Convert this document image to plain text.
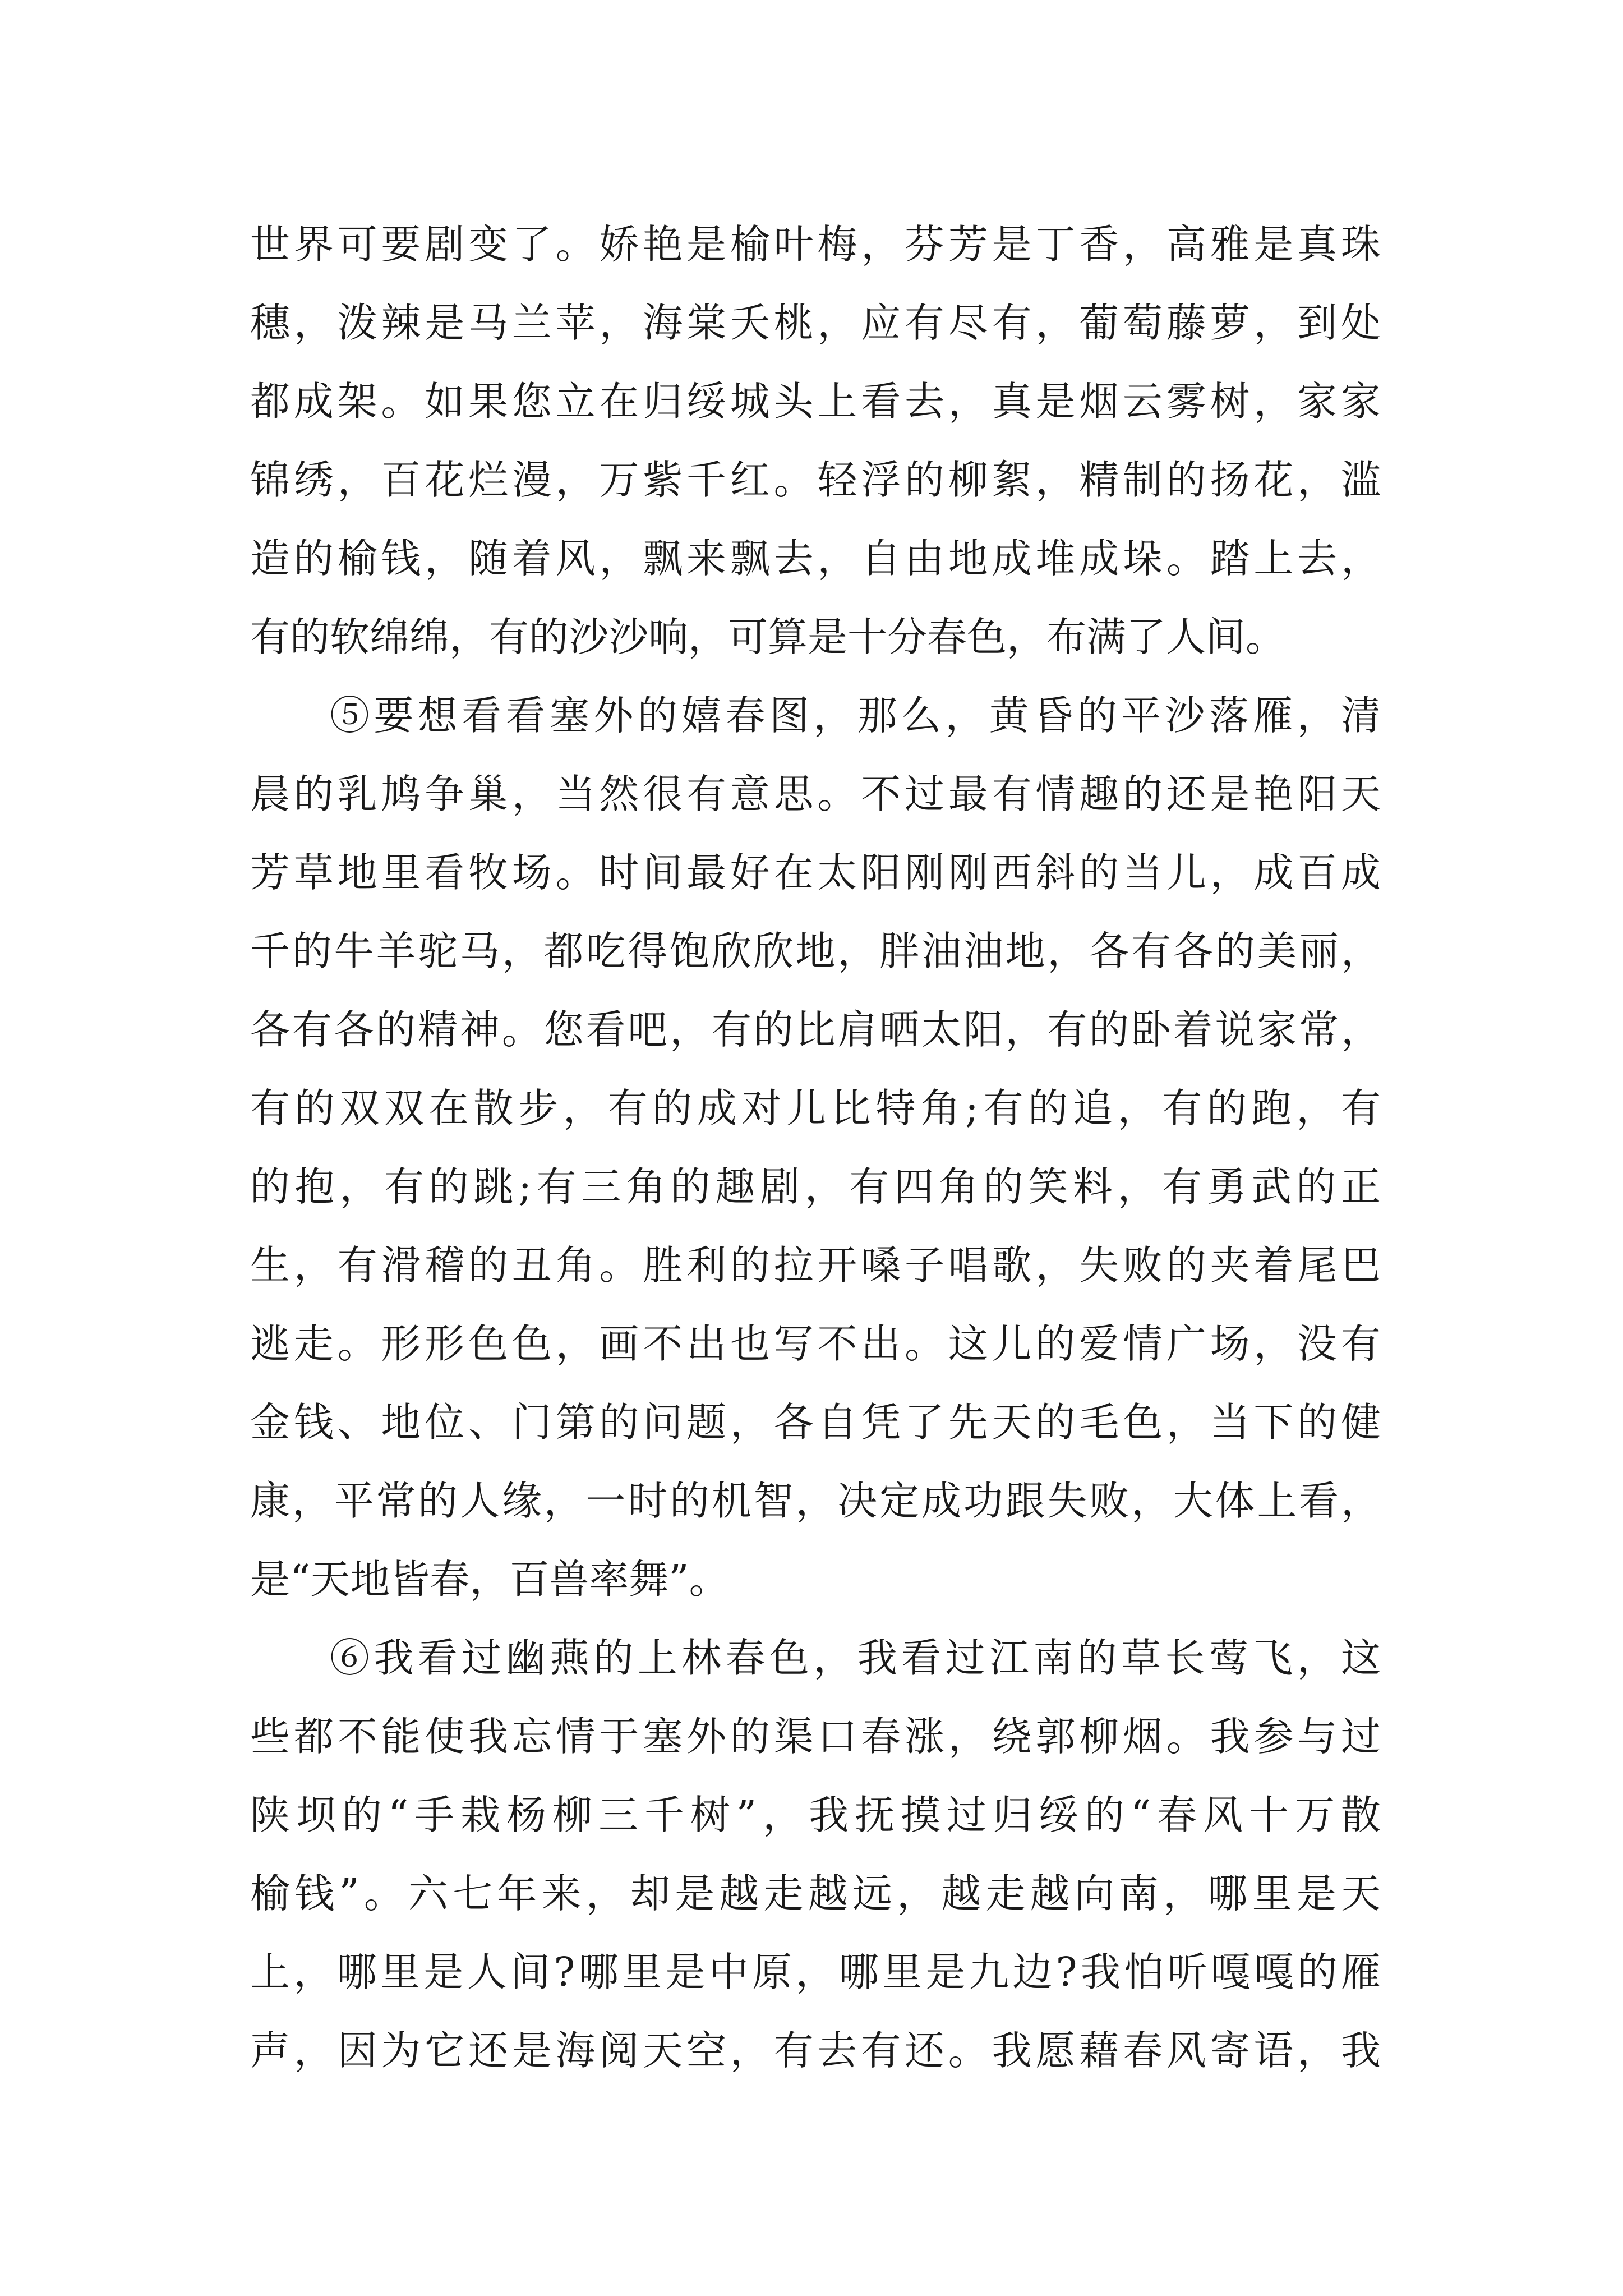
世界可要剧变了。娇艳是榆叶梅，芬芳是丁香，高雅是真珠
穗，泼辣是马兰苹，海棠夭桃，应有尽有，葡萄藤萝，到处
都成架。如果您立在归绥城头上看去，真是烟云雾树，家家
锦绣，百花烂漫，万紫千红。轻浮的柳絮，精制的扬花，滥
造的榆钱，随着风，飘来飘去，自由地成堆成垛。踏上去，
有的软绵绵，有的沙沙响，可算是十分春色，布满了人间。
⑤要想看看塞外的嬉春图，那么，黄昏的平沙落雁，清
晨的乳鸠争巢，当然很有意思。不过最有情趣的还是艳阳天
芳草地里看牧场。时间最好在太阳刚刚西斜的当儿，成百成
千的牛羊驼马，都吃得饱欣欣地，胖油油地，各有各的美丽，
各有各的精神。您看吧，有的比肩晒太阳，有的卧着说家常，
有的双双在散步，有的成对儿比特角;有的追，有的跑，有
的抱，有的跳;有三角的趣剧，有四角的笑料，有勇武的正
生，有滑稽的丑角。胜利的拉开嗓子唱歌，失败的夹着尾巴
逃走。形形色色，画不出也写不出。这儿的爱情广场，没有
金钱、地位、门第的问题，各自凭了先天的毛色，当下的健
康，平常的人缘，一时的机智，决定成功跟失败，大体上看，
是“天地皆春，百兽率舞”。
⑥我看过幽燕的上林春色，我看过江南的草长莺飞，这
些都不能使我忘情于塞外的渠口春涨，绕郭柳烟。我参与过
陕坝的“手栽杨柳三千树”，我抚摸过归绥的“春风十万散
榆钱”。六七年来，却是越走越远，越走越向南，哪里是天
上，哪里是人间?哪里是中原，哪里是九边?我怕听嘎嘎的雁
声，因为它还是海阅天空，有去有还。我愿藉春风寄语，我
